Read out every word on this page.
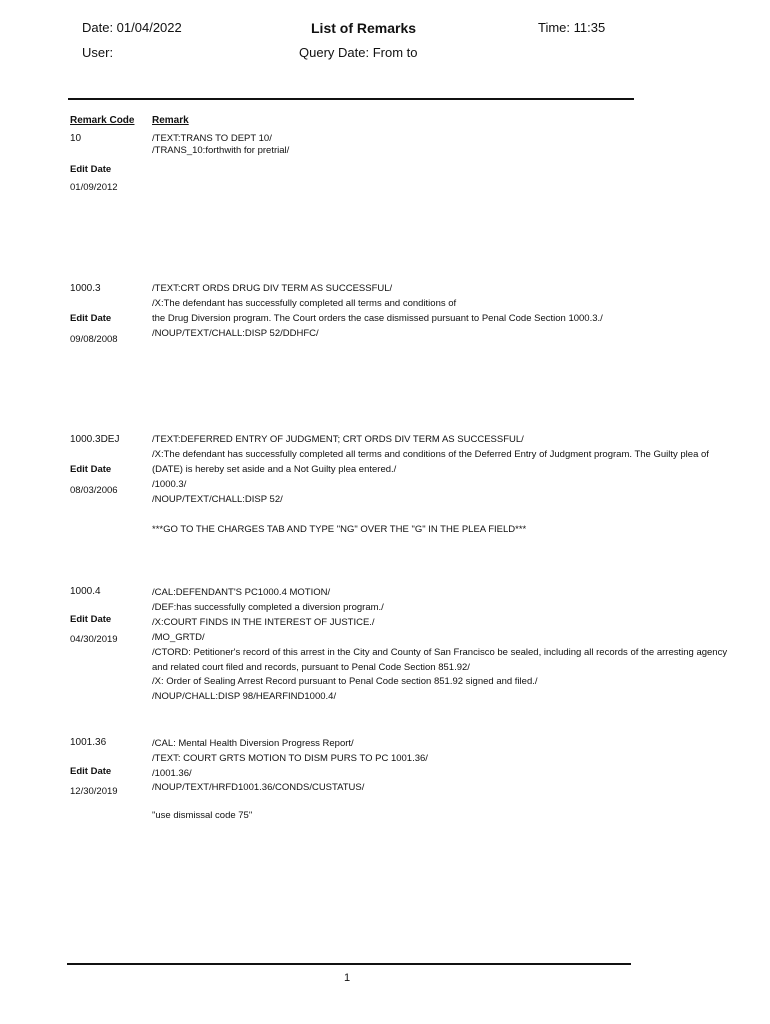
Date: 01/04/2022
User:
List of Remarks
Query Date: From to
Time: 11:35
Remark Code Remark
10
Edit Date
01/09/2012
/TEXT:TRANS TO DEPT 10/
/TRANS_10:forthwith for pretrial/
1000.3
Edit Date
09/08/2008
/TEXT:CRT ORDS DRUG DIV TERM AS SUCCESSFUL/
/X:The defendant has successfully completed all terms and conditions of
the Drug Diversion program. The Court orders the case dismissed pursuant to Penal Code Section 1000.3./
/NOUP/TEXT/CHALL:DISP 52/DDHFC/
1000.3DEJ
Edit Date
08/03/2006
/TEXT:DEFERRED ENTRY OF JUDGMENT; CRT ORDS DIV TERM AS SUCCESSFUL/
/X:The defendant has successfully completed all terms and conditions of the Deferred Entry of Judgment program. The Guilty plea of
(DATE) is hereby set aside and a Not Guilty plea entered./
/1000.3/
/NOUP/TEXT/CHALL:DISP 52/
***GO TO THE CHARGES TAB AND TYPE "NG" OVER THE "G" IN THE PLEA FIELD***
1000.4
Edit Date
04/30/2019
/CAL:DEFENDANT'S PC1000.4 MOTION/
/DEF:has successfully completed a diversion program./
/X:COURT FINDS IN THE INTEREST OF JUSTICE./
/MO_GRTD/
/CTORD: Petitioner's record of this arrest in the City and County of San Francisco be sealed, including all records of the arresting agency
and related court filed and records, pursuant to Penal Code Section 851.92/
/X: Order of Sealing Arrest Record pursuant to Penal Code section 851.92 signed and filed./
/NOUP/CHALL:DISP 98/HEARFIND1000.4/
1001.36
Edit Date
12/30/2019
/CAL: Mental Health Diversion Progress Report/
/TEXT: COURT GRTS MOTION TO DISM PURS TO PC 1001.36/
/1001.36/
/NOUP/TEXT/HRFD1001.36/CONDS/CUSTATUS/
"use dismissal code 75"
1
